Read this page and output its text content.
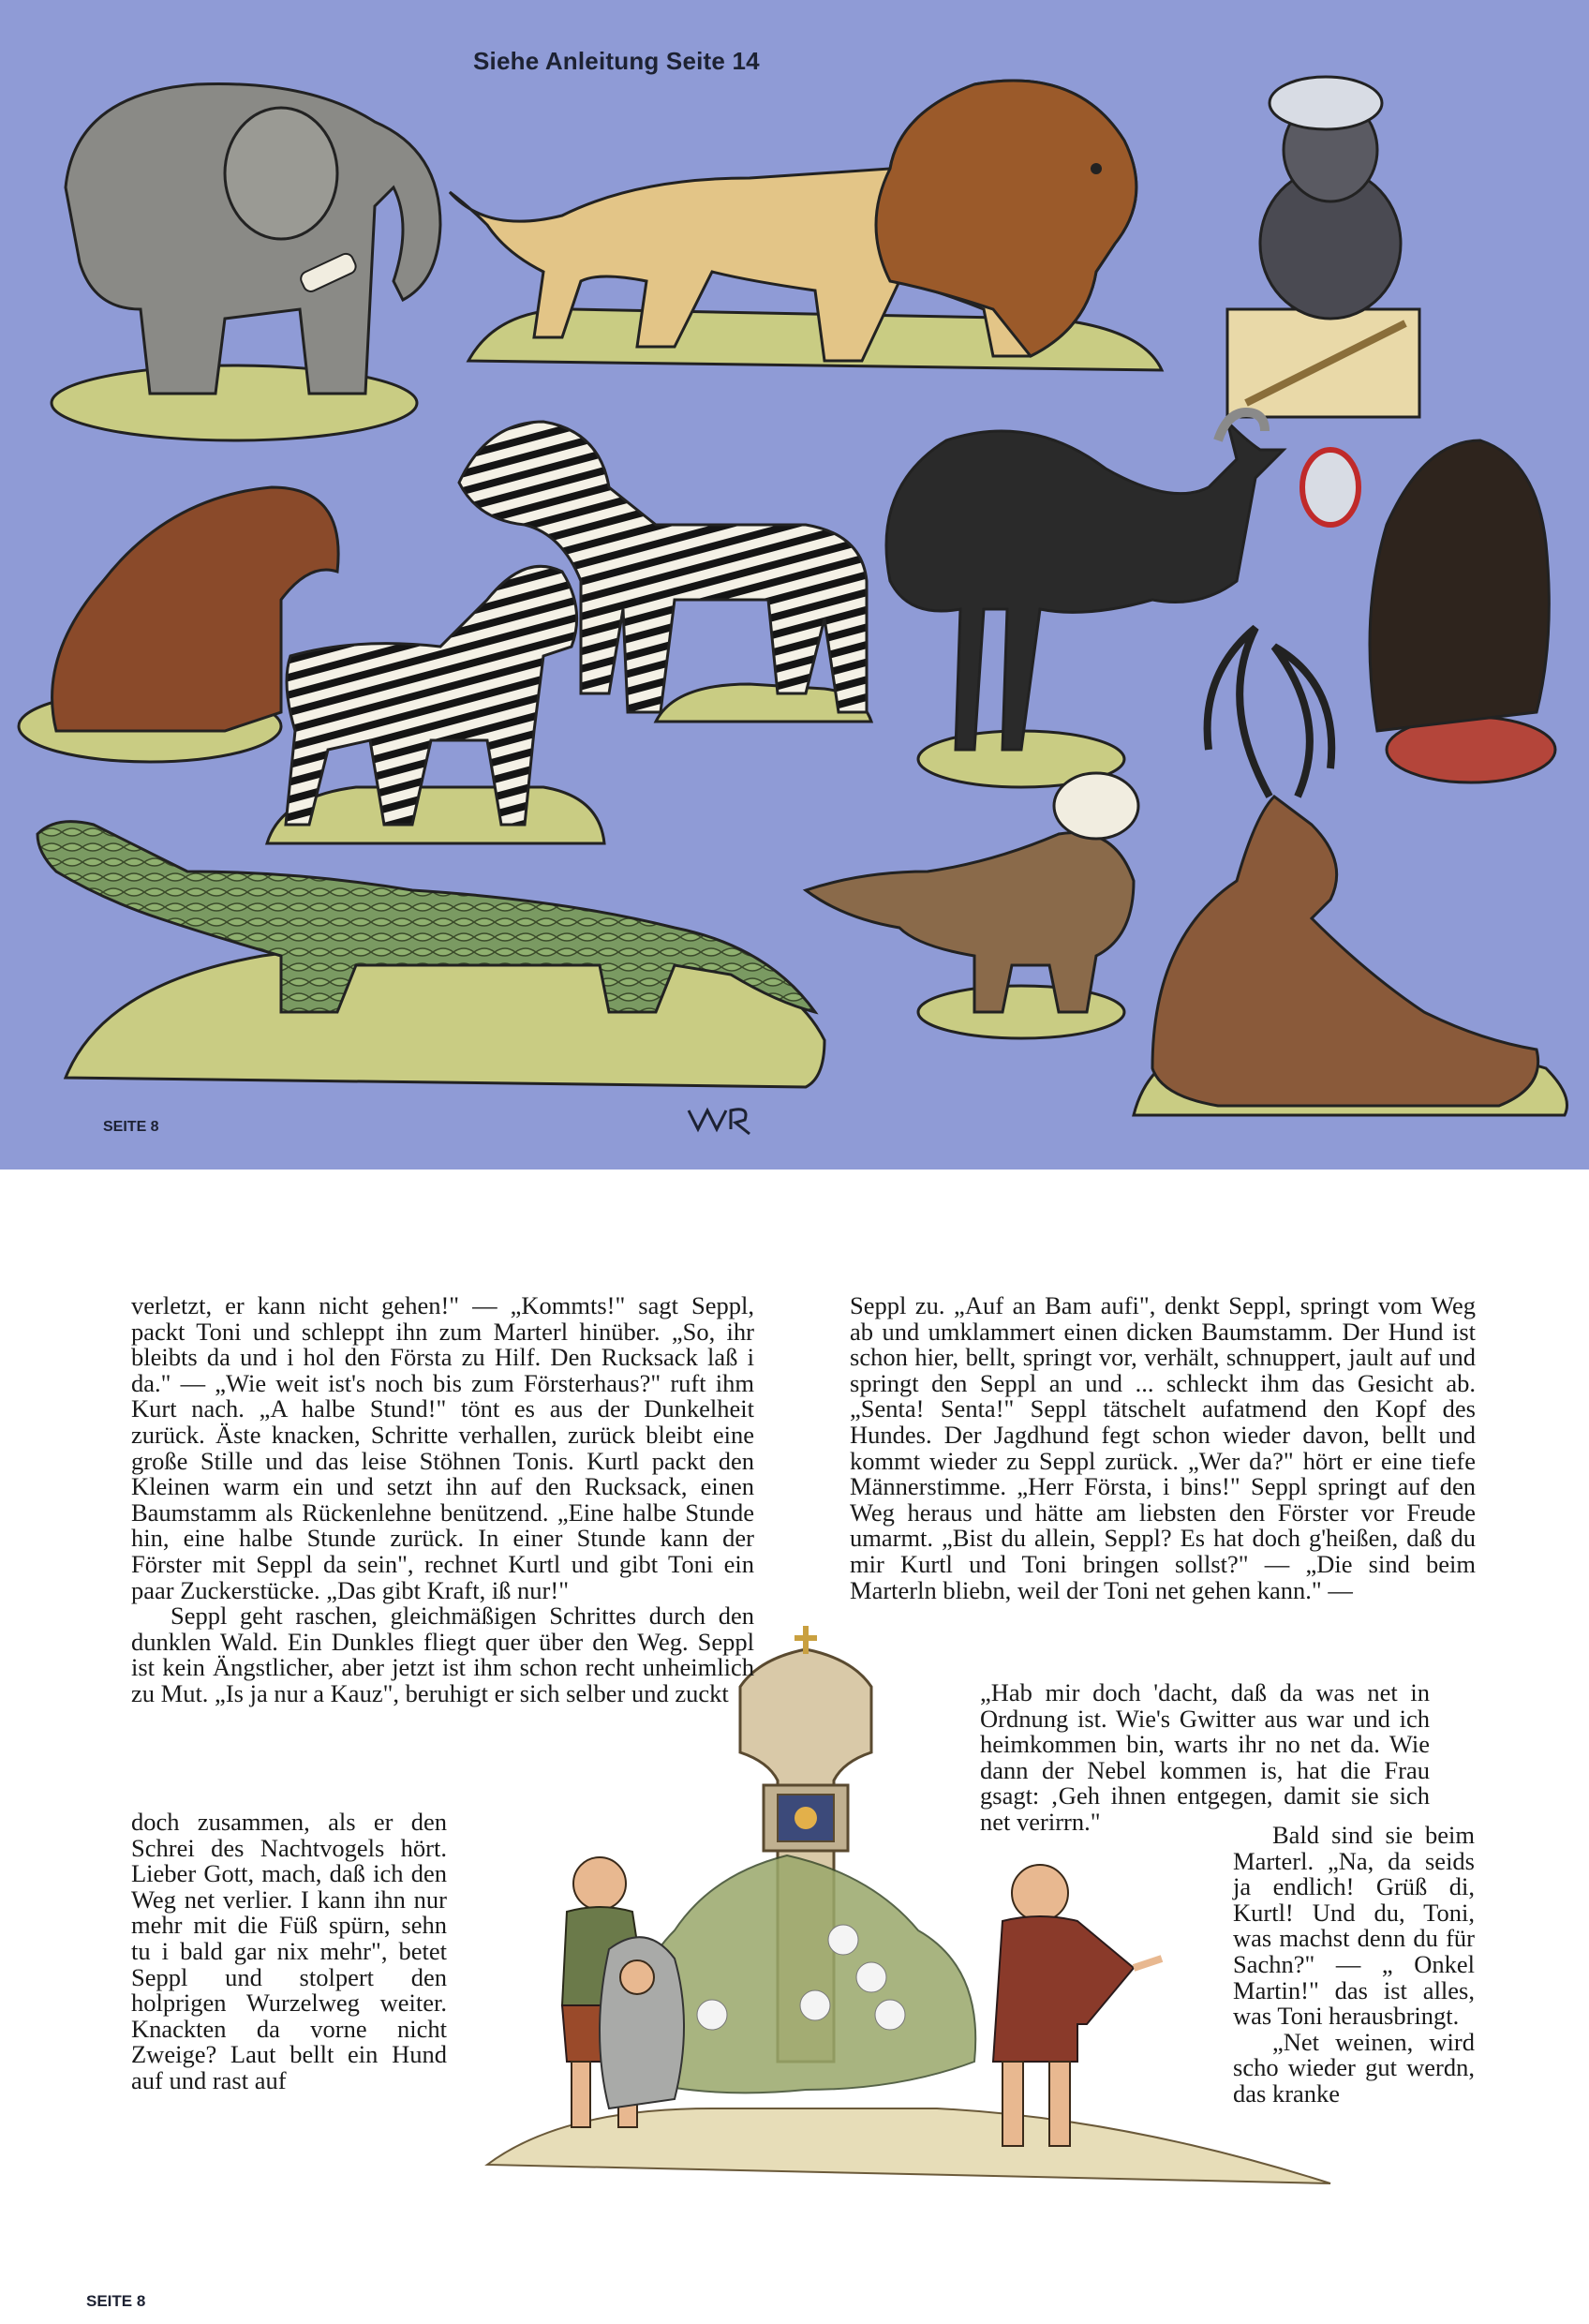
Siehe Anleitung Seite 14
SEITE 8

verletzt, er kann nicht gehen!" — „Kommts!" sagt Seppl, packt Toni und schleppt ihn zum Marterl hinüber. „So, ihr bleibts da und i hol den Första zu Hilf. Den Rucksack laß i da." — „Wie weit ist's noch bis zum Försterhaus?" ruft ihm Kurt nach. „A halbe Stund!" tönt es aus der Dunkelheit zurück. Äste knacken, Schritte verhallen, zurück bleibt eine große Stille und das leise Stöhnen Tonis. Kurtl packt den Kleinen warm ein und setzt ihn auf den Rucksack, einen Baumstamm als Rückenlehne benützend. „Eine halbe Stunde hin, eine halbe Stunde zurück. In einer Stunde kann der Förster mit Seppl da sein", rechnet Kurtl und gibt Toni ein paar Zuckerstücke. „Das gibt Kraft, iß nur!"

Seppl geht raschen, gleichmäßigen Schrittes durch den dunklen Wald. Ein Dunkles fliegt quer über den Weg. Seppl ist kein Ängstlicher, aber jetzt ist ihm schon recht unheimlich zu Mut. „Is ja nur a Kauz", beruhigt er sich selber und zuckt

doch zusammen, als er den Schrei des Nachtvogels hört. Lieber Gott, mach, daß ich den Weg net verlier. I kann ihn nur mehr mit die Füß spürn, sehn tu i bald gar nix mehr", betet Seppl und stolpert den holprigen Wurzelweg weiter. Knackten da vorne nicht Zweige? Laut bellt ein Hund auf und rast auf

Seppl zu. „Auf an Bam aufi", denkt Seppl, springt vom Weg ab und umklammert einen dicken Baumstamm. Der Hund ist schon hier, bellt, springt vor, verhält, schnuppert, jault auf und springt den Seppl an und ... schleckt ihm das Gesicht ab. „Senta! Senta!" Seppl tätschelt aufatmend den Kopf des Hundes. Der Jagdhund fegt schon wieder davon, bellt und kommt wieder zu Seppl zurück. „Wer da?" hört er eine tiefe Männerstimme. „Herr Första, i bins!" Seppl springt auf den Weg heraus und hätte am liebsten den Förster vor Freude umarmt. „Bist du allein, Seppl? Es hat doch g'heißen, daß du mir Kurtl und Toni bringen sollst?" — „Die sind beim Marterln bliebn, weil der Toni net gehen kann." —

„Hab mir doch 'dacht, daß da was net in Ordnung ist. Wie's Gwitter aus war und ich heimkommen bin, warts ihr no net da. Wie dann der Nebel kommen is, hat die Frau gsagt: ‚Geh ihnen entgegen, damit sie sich net verirrn."	Bald sind sie beim Marterl. „Na, da seids ja endlich! Grüß di, Kurtl! Und du, Toni, was machst denn du für Sachn?" — „ Onkel Martin!" das ist alles, was Toni herausbringt.

„Net weinen, wird scho wieder gut werdn, das kranke

SEITE 8
